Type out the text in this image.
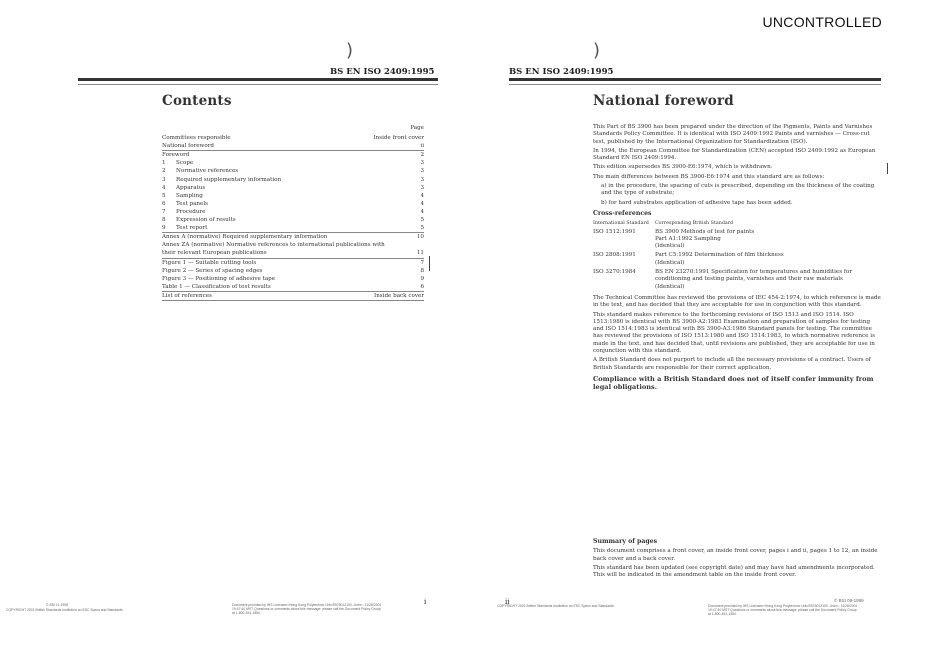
UNCONTROLLED
)
BS EN ISO 2409:1995
Contents
Page
Committees responsible	Inside front cover
National foreword	ii
Foreword	2
1 Scope	3
2 Normative references	3
3 Required supplementary information	3
4 Apparatus	3
5 Sampling	4
6 Test panels	4
7 Procedure	4
8 Expression of results	5
9 Test report	5
Annex A (normative) Required supplementary information	10
Annex ZA (normative) Normative references to international publications with their relevant European publications	11
Figure 1 — Suitable cutting tools	7
Figure 2 — Series of spacing edges	8
Figure 3 — Positioning of adhesive tape	9
Table 1 — Classification of test results	6
List of references	Inside back cover
© BSI 11-1998
COPYRIGHT 2001 British Standards Institution on ESC Specs and Standards
Document provided by IHS Licensee=Hong Kong Polytechnic Univ/9976012100, User=, 11/28/2001 19:47:40 MST Questions or comments about this message: please call the Document Policy Group at 1-800-451-1584.
i
)
BS EN ISO 2409:1995
National foreword

This Part of BS 3900 has been prepared under the direction of the Pigments, Paints and Varnishes Standards Policy Committee. It is identical with ISO 2409:1992 Paints and varnishes — Cross-cut test, published by the International Organization for Standardization (ISO).

In 1994, the European Committee for Standardization (CEN) accepted ISO 2409:1992 as European Standard EN ISO 2409:1994.

This edition supersedes BS 3900-E6:1974, which is withdrawn.

The main differences between BS 3900-E6:1974 and this standard are as follows:

a) in the procedure, the spacing of cuts is prescribed, depending on the thickness of the coating and the type of substrate;

b) for hard substrates application of adhesive tape has been added.

Cross-references
International Standard	Corresponding British Standard
ISO 1512:1991	BS 3900 Methods of test for paints
Part A1:1992 Sampling
(Identical)
ISO 2808:1991	Part C5:1992 Determination of film thickness
(Identical)
ISO 3270:1984	BS EN 23270:1991 Specification for temperatures and humidities for conditioning and testing paints, varnishes and their raw materials
(Identical)

The Technical Committee has reviewed the provisions of IEC 454-2:1974, to which reference is made in the text, and has decided that they are acceptable for use in conjunction with this standard.

This standard makes reference to the forthcoming revisions of ISO 1513 and ISO 1514. ISO 1513:1980 is identical with BS 3900-A2:1983 Examination and preparation of samples for testing and ISO 1514:1983 is identical with BS 3900-A3:1986 Standard panels for testing. The committee has reviewed the provisions of ISO 1513:1980 and ISO 1514:1983, to which normative reference is made in the text, and has decided that, until revisions are published, they are acceptable for use in conjunction with this standard.

A British Standard does not purport to include all the necessary provisions of a contract. Users of British Standards are responsible for their correct application.

Compliance with a British Standard does not of itself confer immunity from legal obligations.
Summary of pages

This document comprises a front cover, an inside front cover, pages i and ii, pages 1 to 12, an inside back cover and a back cover.

This standard has been updated (see copyright date) and may have had amendments incorporated. This will be indicated in the amendment table on the inside front cover.

COPYRIGHT 2001 British Standards Institution on ESC Specs and Standards	Document provided by IHS Licensee=Hong Kong Polytechnic Univ/9976012100, User=, 11/28/2001 19:47:40 MST Questions or comments about this message: please call the Document Policy Group at 1-800-451-1584.
© BSI 09-1999
ii
